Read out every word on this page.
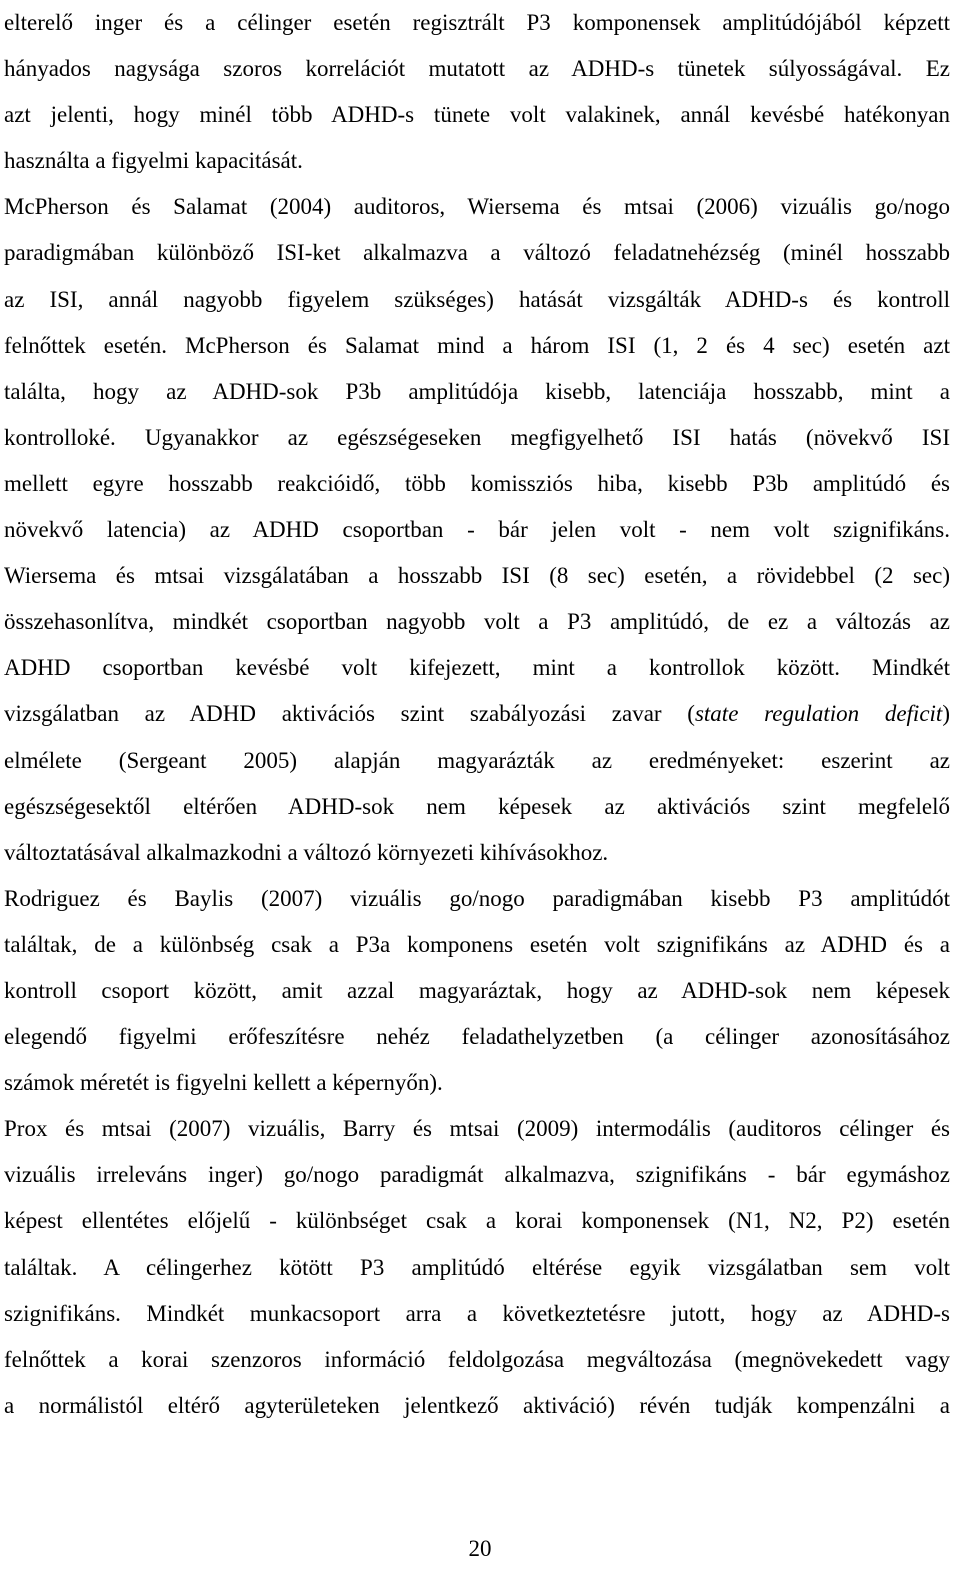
elterelő inger és a célinger esetén regisztrált P3 komponensek amplitúdójából képzett
hányados nagysága szoros korrelációt mutatott az ADHD-s tünetek súlyosságával. Ez
azt jelenti, hogy minél több ADHD-s tünete volt valakinek, annál kevésbé hatékonyan
használta a figyelmi kapacitását.

McPherson és Salamat (2004) auditoros, Wiersema és mtsai (2006) vizuális go/nogo
paradigmában különböző ISI-ket alkalmazva a változó feladatnehézség (minél hosszabb
az ISI, annál nagyobb figyelem szükséges) hatását vizsgálták ADHD-s és kontroll
felnőttek esetén. McPherson és Salamat mind a három ISI (1, 2 és 4 sec) esetén azt
találta, hogy az ADHD-sok P3b amplitúdója kisebb, latenciája hosszabb, mint a
kontrolloké. Ugyanakkor az egészségeseken megfigyelhető ISI hatás (növekvő ISI
mellett egyre hosszabb reakcióidő, több komissziós hiba, kisebb P3b amplitúdó és
növekvő latencia) az ADHD csoportban - bár jelen volt - nem volt szignifikáns.
Wiersema és mtsai vizsgálatában a hosszabb ISI (8 sec) esetén, a rövidebbel (2 sec)
összehasonlítva, mindkét csoportban nagyobb volt a P3 amplitúdó, de ez a változás az
ADHD csoportban kevésbé volt kifejezett, mint a kontrollok között. Mindkét
vizsgálatban az ADHD aktivációs szint szabályozási zavar (state regulation deficit)
elmélete (Sergeant 2005) alapján magyarázták az eredményeket: eszerint az
egészségesektől eltérően ADHD-sok nem képesek az aktivációs szint megfelelő
változtatásával alkalmazkodni a változó környezeti kihívásokhoz.

Rodriguez és Baylis (2007) vizuális go/nogo paradigmában kisebb P3 amplitúdót
találtak, de a különbség csak a P3a komponens esetén volt szignifikáns az ADHD és a
kontroll csoport között, amit azzal magyaráztak, hogy az ADHD-sok nem képesek
elegendő figyelmi erőfeszítésre nehéz feladathelyzetben (a célinger azonosításához
számok méretét is figyelni kellett a képernyőn).

Prox és mtsai (2007) vizuális, Barry és mtsai (2009) intermodális (auditoros célinger és
vizuális irreleváns inger) go/nogo paradigmát alkalmazva, szignifikáns - bár egymáshoz
képest ellentétes előjelű - különbséget csak a korai komponensek (N1, N2, P2) esetén
találtak. A célingerhez kötött P3 amplitúdó eltérése egyik vizsgálatban sem volt
szignifikáns. Mindkét munkacsoport arra a következtetésre jutott, hogy az ADHD-s
felnőttek a korai szenzoros információ feldolgozása megváltozása (megnövekedett vagy
a normálistól eltérő agyterületeken jelentkező aktiváció) révén tudják kompenzálni a

20
